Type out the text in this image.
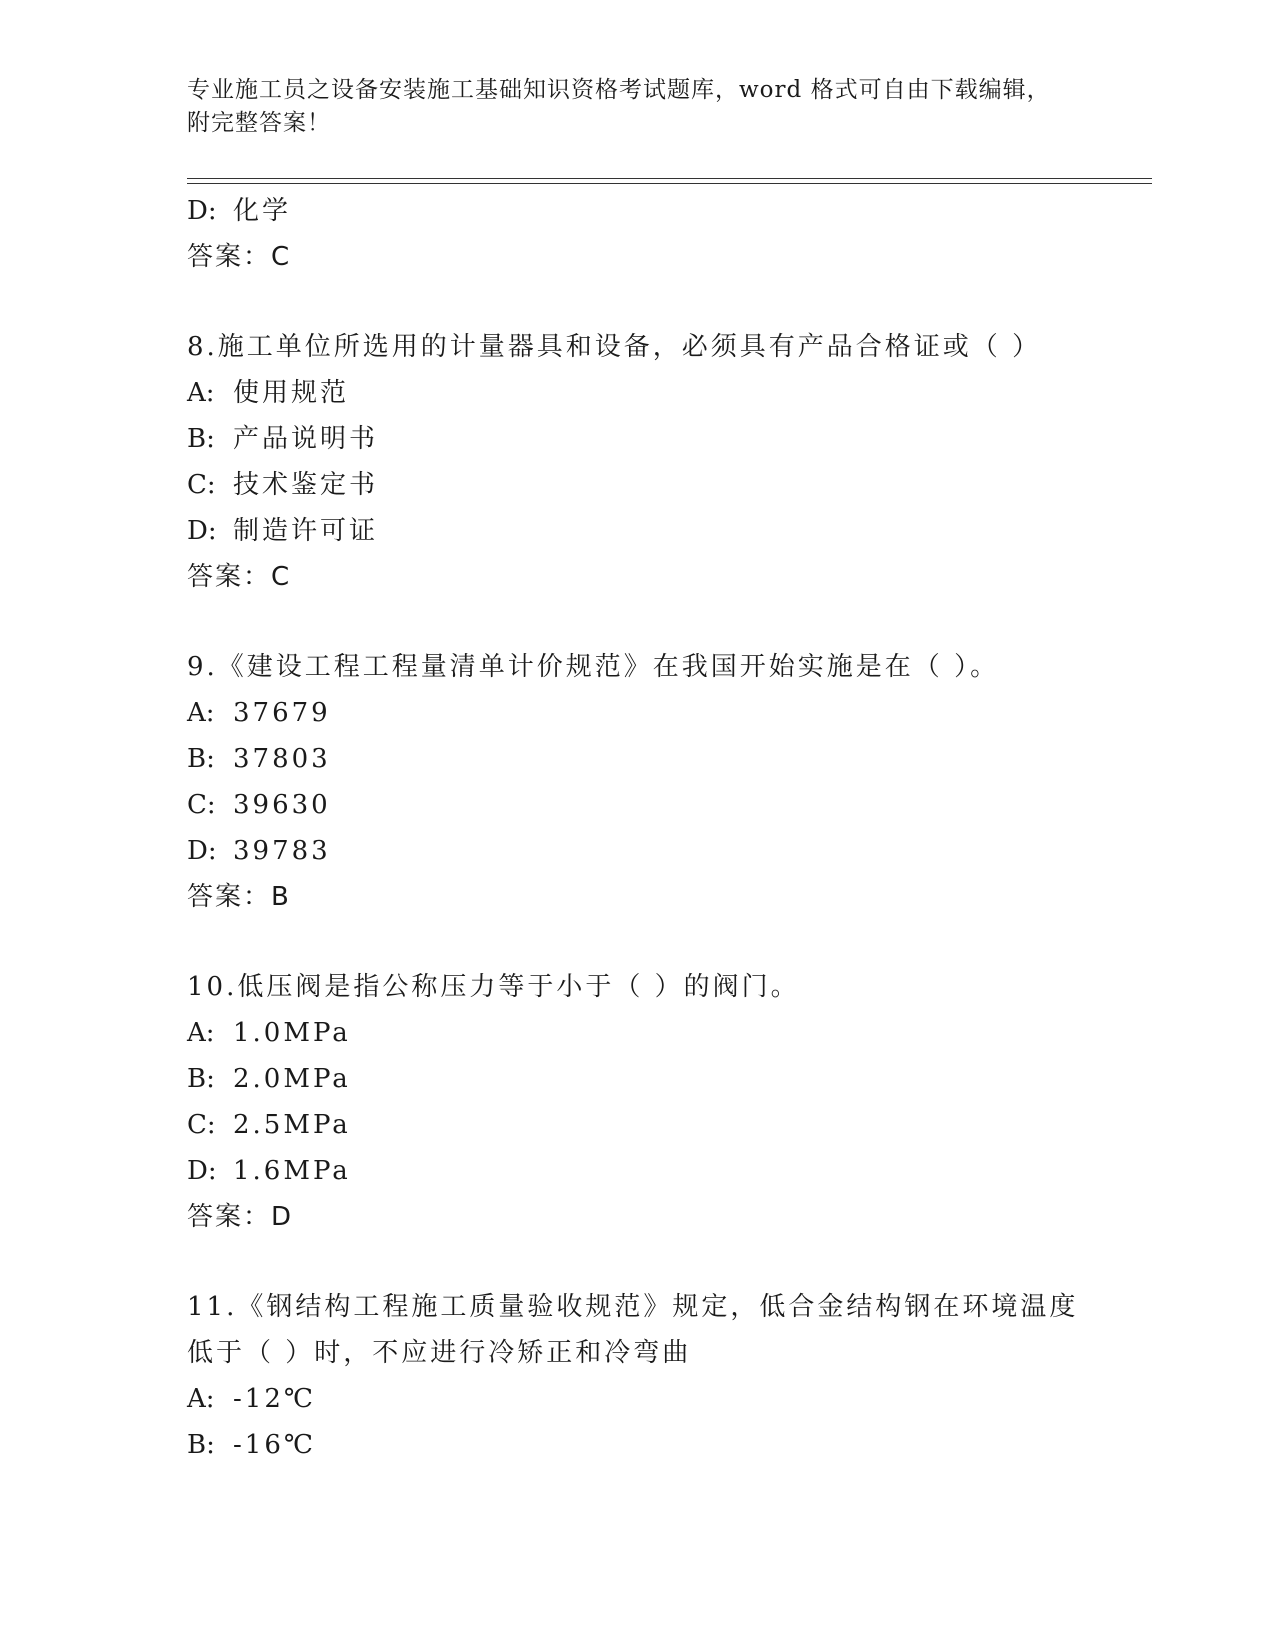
专业施工员之设备安装施工基础知识资格考试题库，word 格式可自由下载编辑，
附完整答案！
D: 化学
答案：C
8.施工单位所选用的计量器具和设备，必须具有产品合格证或（ ）
A: 使用规范
B: 产品说明书
C: 技术鉴定书
D: 制造许可证
答案：C
9.《建设工程工程量清单计价规范》在我国开始实施是在（ ）。
A: 37679
B: 37803
C: 39630
D: 39783
答案：B
10.低压阀是指公称压力等于小于（ ）的阀门。
A: 1.0MPa
B: 2.0MPa
C: 2.5MPa
D: 1.6MPa
答案：D
11.《钢结构工程施工质量验收规范》规定，低合金结构钢在环境温度
低于（ ）时，不应进行冷矫正和冷弯曲
A: -12℃
B: -16℃
